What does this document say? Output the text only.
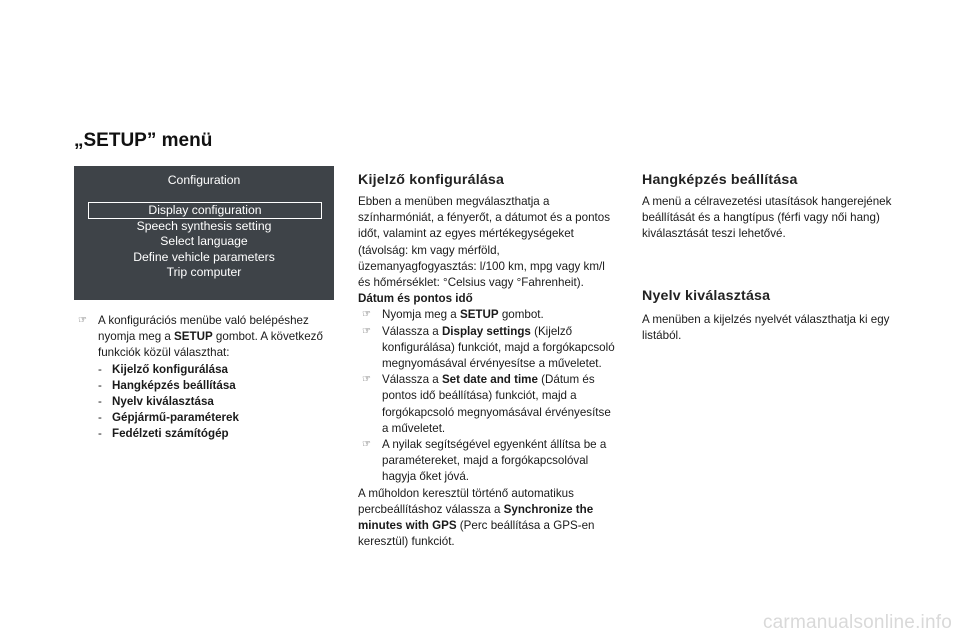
„SETUP” menü
Configuration
Display configuration
Speech synthesis setting
Select language
Define vehicle parameters
Trip computer
☞ A konfigurációs menübe való belépéshez nyomja meg a SETUP gombot. A következő funkciók közül választhat:
- Kijelző konfigurálása
- Hangképzés beállítása
- Nyelv kiválasztása
- Gépjármű-paraméterek
- Fedélzeti számítógép
Kijelző konfigurálása

Ebben a menüben megválaszthatja a színharmóniát, a fényerőt, a dátumot és a pontos időt, valamint az egyes mértékegységeket (távolság: km vagy mérföld, üzemanyagfogyasztás: l/100 km, mpg vagy km/l és hőmérséklet: °Celsius vagy °Fahrenheit).

Dátum és pontos idő

☞ Nyomja meg a SETUP gombot.
☞ Válassza a Display settings (Kijelző konfigurálása) funkciót, majd a forgókapcsoló megnyomásával érvényesítse a műveletet.
☞ Válassza a Set date and time (Dátum és pontos idő beállítása) funkciót, majd a forgókapcsoló megnyomásával érvényesítse a műveletet.
☞ A nyilak segítségével egyenként állítsa be a paramétereket, majd a forgókapcsolóval hagyja őket jóvá.

A műholdon keresztül történő automatikus percbeállításhoz válassza a Synchronize the minutes with GPS (Perc beállítása a GPS-en keresztül) funkciót.

Hangképzés beállítása

A menü a célravezetési utasítások hangerejének beállítását és a hangtípus (férfi vagy női hang) kiválasztását teszi lehetővé.

Nyelv kiválasztása

A menüben a kijelzés nyelvét választhatja ki egy listából.

carmanualsonline.info
